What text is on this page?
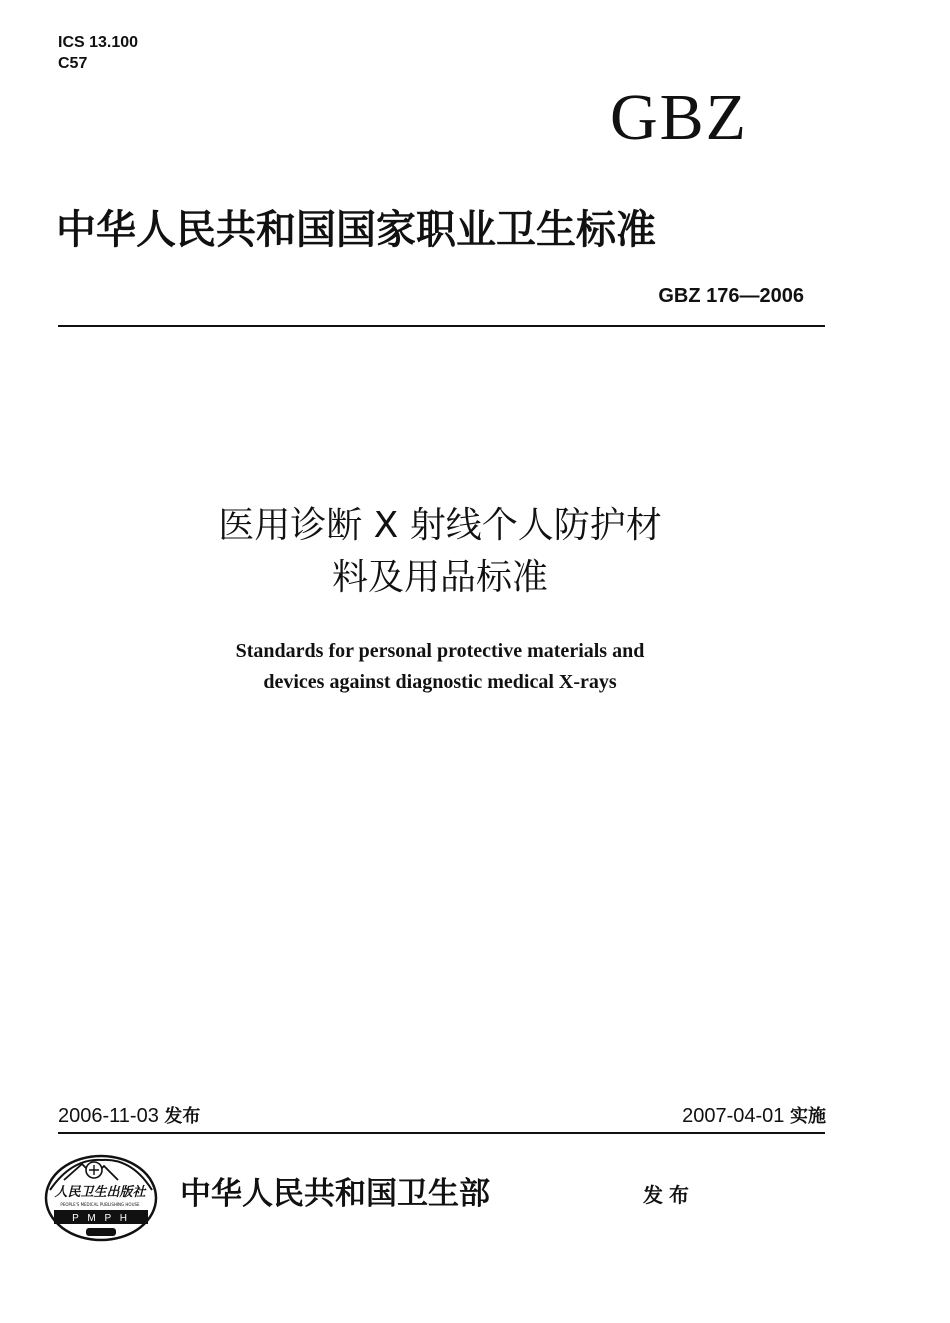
ICS 13.100
C57
GBZ
中华人民共和国国家职业卫生标准
GBZ 176—2006
医用诊断 X 射线个人防护材
料及用品标准
Standards for personal protective materials and
devices against diagnostic medical X-rays
2006-11-03 发布	2007-04-01 实施
人民卫生出版社
PEOPLE'S MEDICAL PUBLISHING HOUSE
P M P H
中华人民共和国卫生部	发布
